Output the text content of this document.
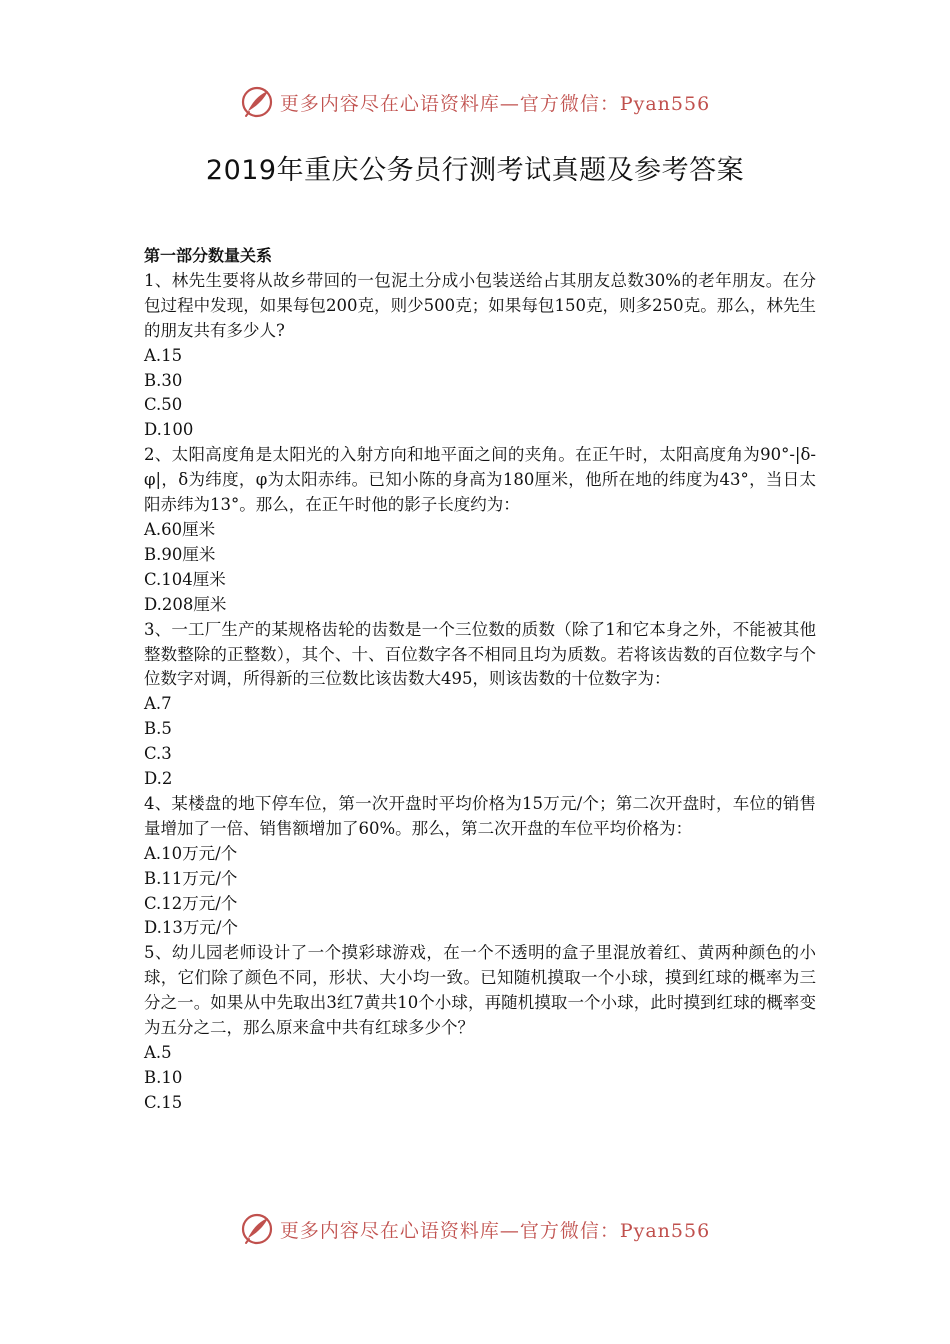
更多内容尽在心语资料库—官方微信：Pyan556
2019年重庆公务员行测考试真题及参考答案
第一部分数量关系
1、林先生要将从故乡带回的一包泥土分成小包装送给占其朋友总数30%的老年朋友。在分包过程中发现，如果每包200克，则少500克；如果每包150克，则多250克。那么，林先生的朋友共有多少人?
A.15
B.30
C.50
D.100
2、太阳高度角是太阳光的入射方向和地平面之间的夹角。在正午时，太阳高度角为90°-|δ-φ|，δ为纬度，φ为太阳赤纬。已知小陈的身高为180厘米，他所在地的纬度为43°，当日太阳赤纬为13°。那么，在正午时他的影子长度约为：
A.60厘米
B.90厘米
C.104厘米
D.208厘米
3、一工厂生产的某规格齿轮的齿数是一个三位数的质数（除了1和它本身之外，不能被其他整数整除的正整数），其个、十、百位数字各不相同且均为质数。若将该齿数的百位数字与个位数字对调，所得新的三位数比该齿数大495，则该齿数的十位数字为：
A.7
B.5
C.3
D.2
4、某楼盘的地下停车位，第一次开盘时平均价格为15万元/个；第二次开盘时，车位的销售量增加了一倍、销售额增加了60%。那么，第二次开盘的车位平均价格为：
A.10万元/个
B.11万元/个
C.12万元/个
D.13万元/个
5、幼儿园老师设计了一个摸彩球游戏，在一个不透明的盒子里混放着红、黄两种颜色的小球，它们除了颜色不同，形状、大小均一致。已知随机摸取一个小球，摸到红球的概率为三分之一。如果从中先取出3红7黄共10个小球，再随机摸取一个小球，此时摸到红球的概率变为五分之二，那么原来盒中共有红球多少个？
A.5
B.10
C.15
更多内容尽在心语资料库—官方微信：Pyan556
